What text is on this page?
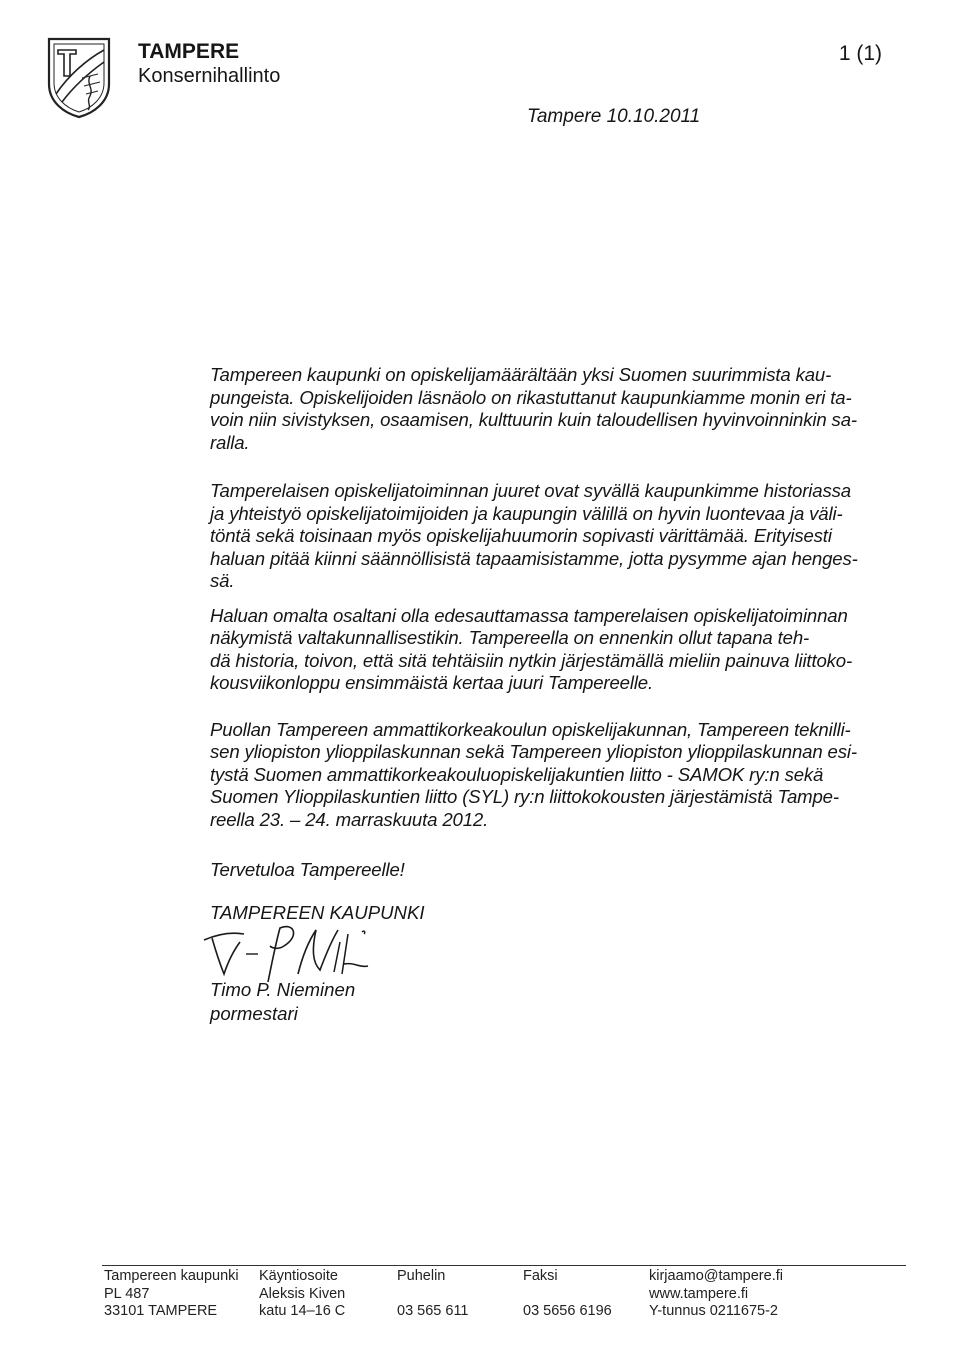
TAMPERE
Konsernihallinto
1 (1)
Tampere 10.10.2011

Tampereen kaupunki on opiskelijamäärältään yksi Suomen suurimmista kau-
pungeista. Opiskelijoiden läsnäolo on rikastuttanut kaupunkiamme monin eri ta-
voin niin sivistyksen, osaamisen, kulttuurin kuin taloudellisen hyvinvoinninkin sa-
ralla.

Tamperelaisen opiskelijatoiminnan juuret ovat syvällä kaupunkimme historiassa
ja yhteistyö opiskelijatoimijoiden ja kaupungin välillä on hyvin luontevaa ja väli-
töntä sekä toisinaan myös opiskelijahuumorin sopivasti värittämää. Erityisesti
haluan pitää kiinni säännöllisistä tapaamisistamme, jotta pysymme ajan henges-
sä.

Haluan omalta osaltani olla edesauttamassa tamperelaisen opiskelijatoiminnan
näkymistä valtakunnallisestikin. Tampereella on ennenkin ollut tapana teh-
dä historia, toivon, että sitä tehtäisiin nytkin järjestämällä mieliin painuva liittoko-
kousviikonloppu ensimmäistä kertaa juuri Tampereelle.

Puollan Tampereen ammattikorkeakoulun opiskelijakunnan, Tampereen teknilli-
sen yliopiston ylioppilaskunnan sekä Tampereen yliopiston ylioppilaskunnan esi-
tystä Suomen ammattikorkeakouluopiskelijakuntien liitto - SAMOK ry:n sekä
Suomen Ylioppilaskuntien liitto (SYL) ry:n liittokokousten järjestämistä Tampe-
reella 23. – 24. marraskuuta 2012.

Tervetuloa Tampereelle!

TAMPEREEN KAUPUNKI

Timo P. Nieminen
pormestari
Tampereen kaupunki
PL 487
33101 TAMPERE
Käyntiosoite
Aleksis Kiven
katu 14–16 C
Puhelin

03 565 611
Faksi

03 5656 6196
kirjaamo@tampere.fi
www.tampere.fi
Y-tunnus 0211675-2
